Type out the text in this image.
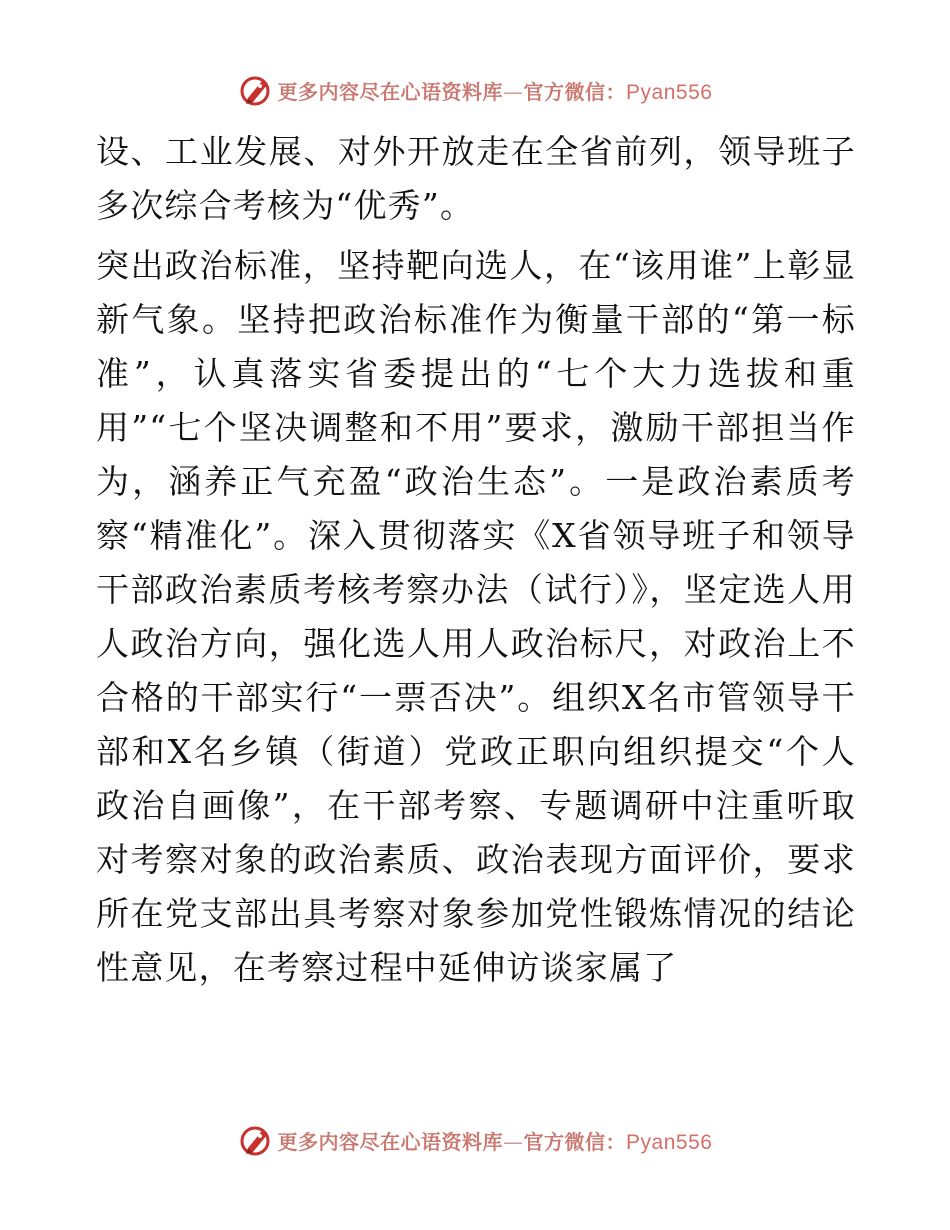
更多内容尽在心语资料库—官方微信：Pyan556

设、工业发展、对外开放走在全省前列，领导班子多次综合考核为“优秀”。

突出政治标准，坚持靶向选人，在“该用谁”上彰显新气象。坚持把政治标准作为衡量干部的“第一标准”，认真落实省委提出的“七个大力选拔和重用”“七个坚决调整和不用”要求，激励干部担当作为，涵养正气充盈“政治生态”。一是政治素质考察“精准化”。深入贯彻落实《X省领导班子和领导干部政治素质考核考察办法（试行）》，坚定选人用人政治方向，强化选人用人政治标尺，对政治上不合格的干部实行“一票否决”。组织X名市管领导干部和X名乡镇（街道）党政正职向组织提交“个人政治自画像”，在干部考察、专题调研中注重听取对考察对象的政治素质、政治表现方面评价，要求所在党支部出具考察对象参加党性锻炼情况的结论性意见，在考察过程中延伸访谈家属了

更多内容尽在心语资料库—官方微信：Pyan556
